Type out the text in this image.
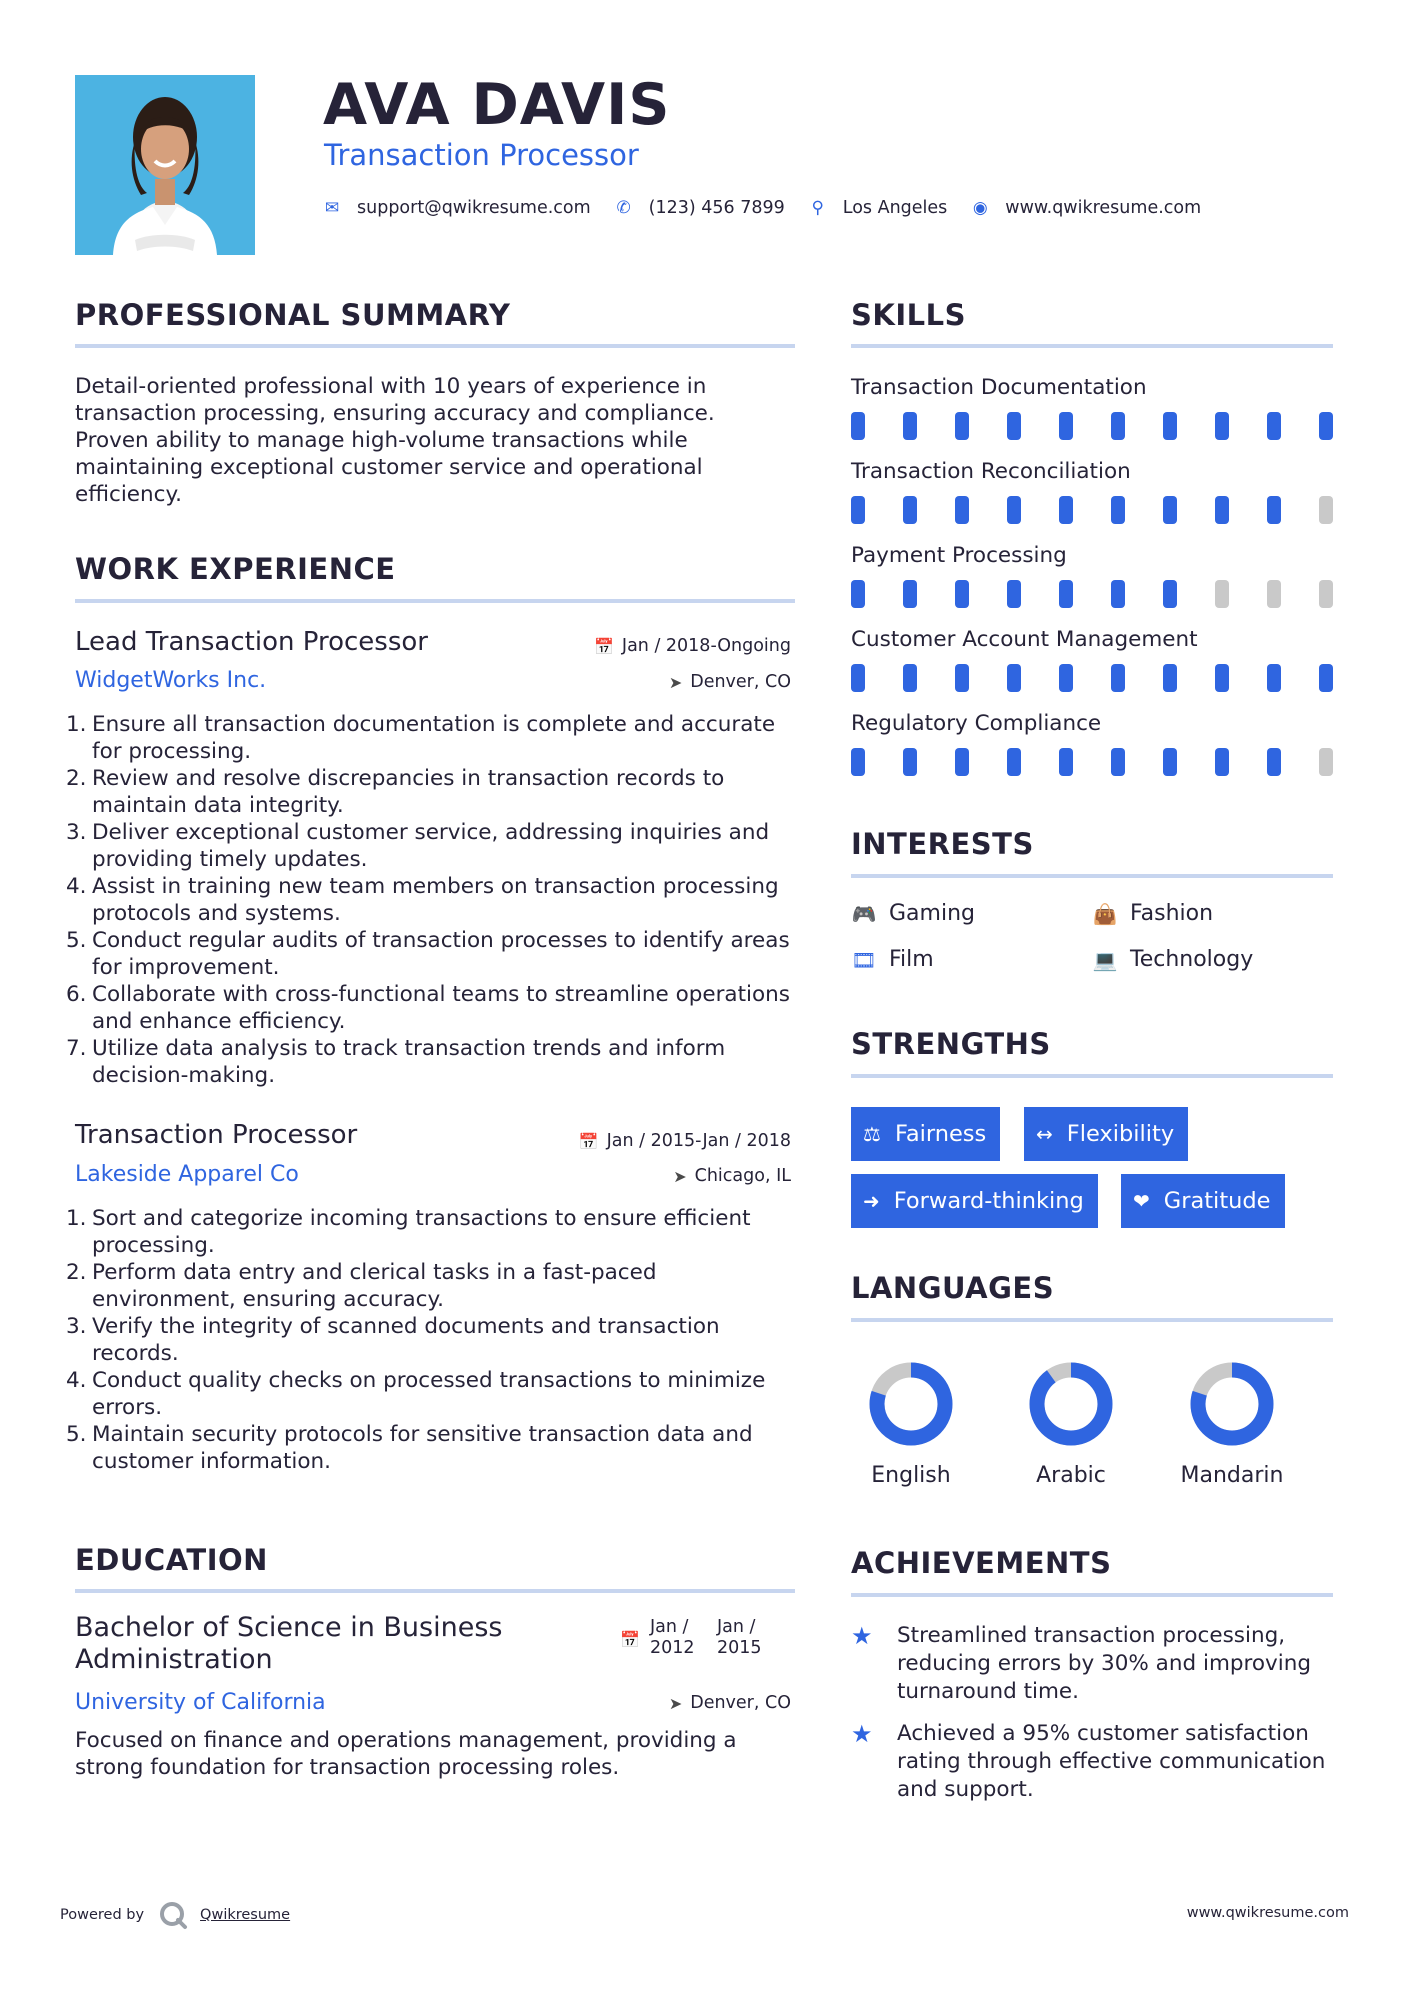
AVA DAVIS
Transaction Processor
✉ support@qwikresume.com ✆ (123) 456 7899 ⚲ Los Angeles ◉ www.qwikresume.com
PROFESSIONAL SUMMARY
Detail-oriented professional with 10 years of experience in transaction processing, ensuring accuracy and compliance. Proven ability to manage high-volume transactions while maintaining exceptional customer service and operational efficiency.
WORK EXPERIENCE
Lead Transaction Processor	📅 Jan / 2018-Ongoing
WidgetWorks Inc.	➤ Denver, CO
1. Ensure all transaction documentation is complete and accurate for processing.
2. Review and resolve discrepancies in transaction records to maintain data integrity.
3. Deliver exceptional customer service, addressing inquiries and providing timely updates.
4. Assist in training new team members on transaction processing protocols and systems.
5. Conduct regular audits of transaction processes to identify areas for improvement.
6. Collaborate with cross-functional teams to streamline operations and enhance efficiency.
7. Utilize data analysis to track transaction trends and inform decision-making.
Transaction Processor	📅 Jan / 2015-Jan / 2018
Lakeside Apparel Co	➤ Chicago, IL
1. Sort and categorize incoming transactions to ensure efficient processing.
2. Perform data entry and clerical tasks in a fast-paced environment, ensuring accuracy.
3. Verify the integrity of scanned documents and transaction records.
4. Conduct quality checks on processed transactions to minimize errors.
5. Maintain security protocols for sensitive transaction data and customer information.
EDUCATION
Bachelor of Science in Business Administration
📅
Jan /
2012
Jan /
2015
University of California	➤ Denver, CO
Focused on finance and operations management, providing a strong foundation for transaction processing roles.
SKILLS
Transaction Documentation
Transaction Reconciliation
Payment Processing
Customer Account Management
Regulatory Compliance
INTERESTS
🎮 Gaming	👜 Fashion
🎞 Film	💻 Technology
STRENGTHS
⚖ Fairness ↔ Flexibility
➜ Forward-thinking ❤ Gratitude
LANGUAGES
English	Arabic	Mandarin
ACHIEVEMENTS
★	Streamlined transaction processing, reducing errors by 30% and improving turnaround time.
★	Achieved a 95% customer satisfaction rating through effective communication and support.
Powered by	Qwikresume	www.qwikresume.com
